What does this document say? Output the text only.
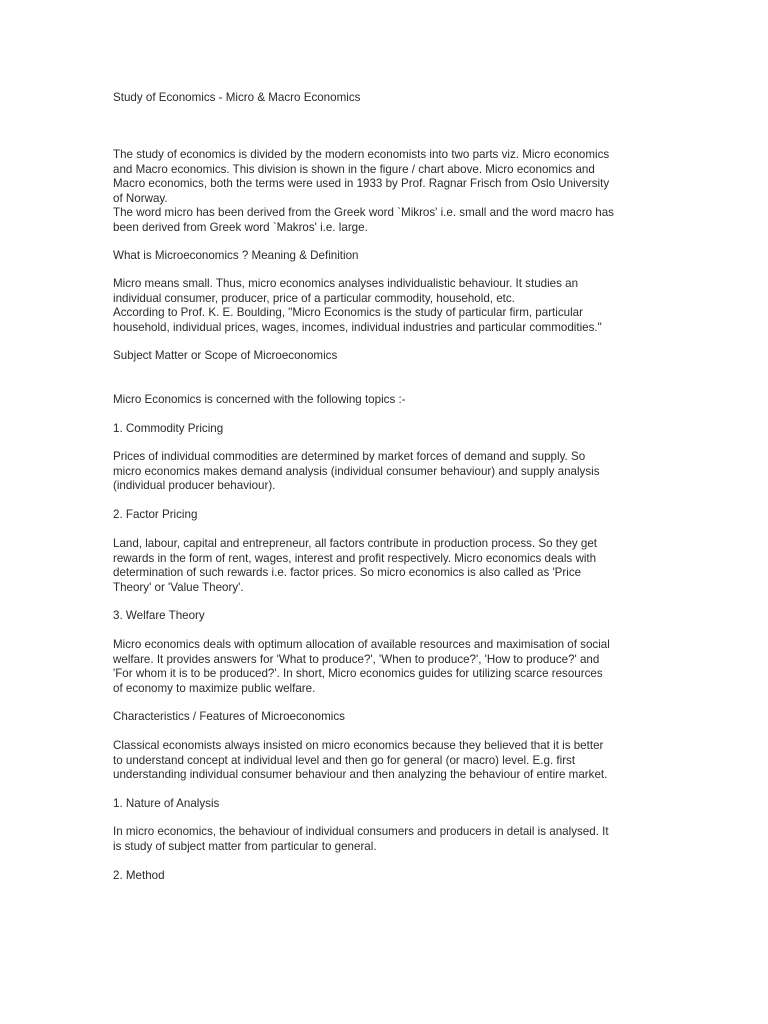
Study of Economics - Micro & Macro Economics

The study of economics is divided by the modern economists into two parts viz. Micro economics
and Macro economics. This division is shown in the figure / chart above. Micro economics and
Macro economics, both the terms were used in 1933 by Prof. Ragnar Frisch from Oslo University
of Norway.
The word micro has been derived from the Greek word `Mikros' i.e. small and the word macro has
been derived from Greek word `Makros' i.e. large.

What is Microeconomics ? Meaning & Definition

Micro means small. Thus, micro economics analyses individualistic behaviour. It studies an
individual consumer, producer, price of a particular commodity, household, etc.
According to Prof. K. E. Boulding, "Micro Economics is the study of particular firm, particular
household, individual prices, wages, incomes, individual industries and particular commodities."

Subject Matter or Scope of Microeconomics

Micro Economics is concerned with the following topics :-

1. Commodity Pricing

Prices of individual commodities are determined by market forces of demand and supply. So
micro economics makes demand analysis (individual consumer behaviour) and supply analysis
(individual producer behaviour).

2. Factor Pricing

Land, labour, capital and entrepreneur, all factors contribute in production process. So they get
rewards in the form of rent, wages, interest and profit respectively. Micro economics deals with
determination of such rewards i.e. factor prices. So micro economics is also called as 'Price
Theory' or 'Value Theory'.

3. Welfare Theory

Micro economics deals with optimum allocation of available resources and maximisation of social
welfare. It provides answers for 'What to produce?', 'When to produce?', 'How to produce?' and
'For whom it is to be produced?'. In short, Micro economics guides for utilizing scarce resources
of economy to maximize public welfare.

Characteristics / Features of Microeconomics

Classical economists always insisted on micro economics because they believed that it is better
to understand concept at individual level and then go for general (or macro) level. E.g. first
understanding individual consumer behaviour and then analyzing the behaviour of entire market.

1. Nature of Analysis

In micro economics, the behaviour of individual consumers and producers in detail is analysed. It
is study of subject matter from particular to general.

2. Method
